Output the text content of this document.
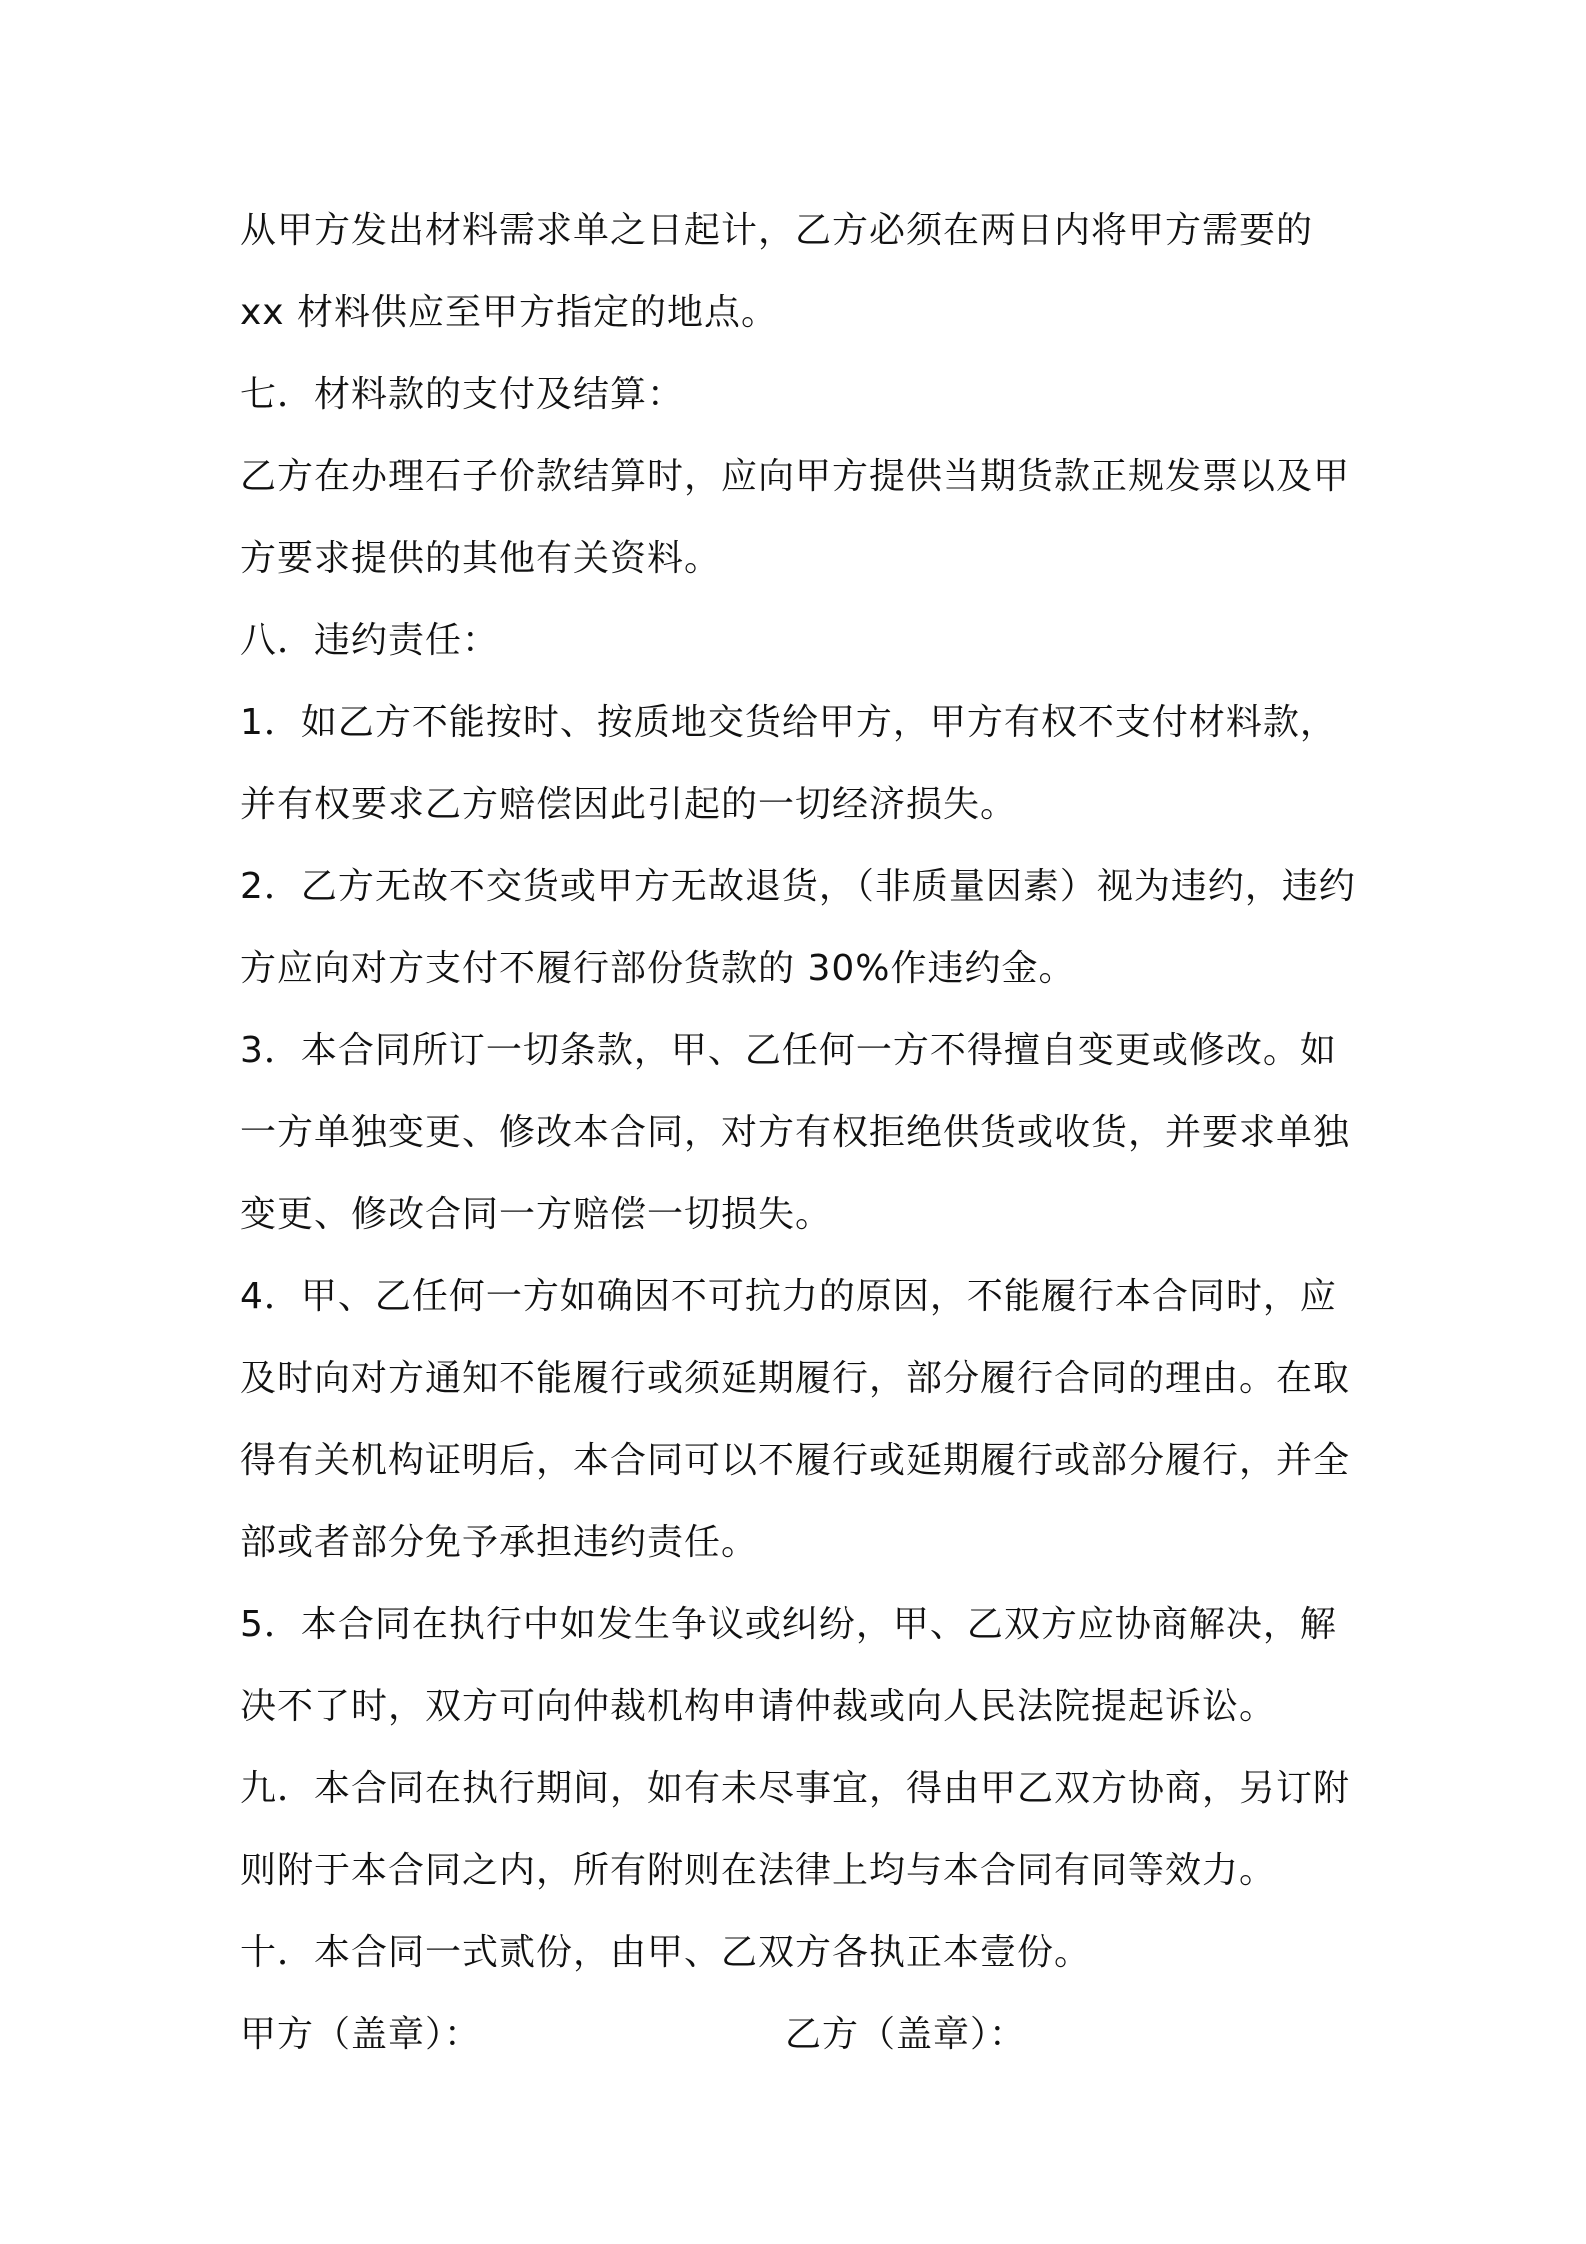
从甲方发出材料需求单之日起计，乙方必须在两日内将甲方需要的
xx 材料供应至甲方指定的地点。
七．材料款的支付及结算：
乙方在办理石子价款结算时，应向甲方提供当期货款正规发票以及甲
方要求提供的其他有关资料。
八．违约责任：
1．如乙方不能按时、按质地交货给甲方，甲方有权不支付材料款，
并有权要求乙方赔偿因此引起的一切经济损失。
2．乙方无故不交货或甲方无故退货，（非质量因素）视为违约，违约
方应向对方支付不履行部份货款的 30%作违约金。
3．本合同所订一切条款，甲、乙任何一方不得擅自变更或修改。如
一方单独变更、修改本合同，对方有权拒绝供货或收货，并要求单独
变更、修改合同一方赔偿一切损失。
4．甲、乙任何一方如确因不可抗力的原因，不能履行本合同时，应
及时向对方通知不能履行或须延期履行，部分履行合同的理由。在取
得有关机构证明后，本合同可以不履行或延期履行或部分履行，并全
部或者部分免予承担违约责任。
5．本合同在执行中如发生争议或纠纷，甲、乙双方应协商解决，解
决不了时，双方可向仲裁机构申请仲裁或向人民法院提起诉讼。
九．本合同在执行期间，如有未尽事宜，得由甲乙双方协商，另订附
则附于本合同之内，所有附则在法律上均与本合同有同等效力。
十．本合同一式贰份，由甲、乙双方各执正本壹份。
甲方（盖章）：	乙方（盖章）：
